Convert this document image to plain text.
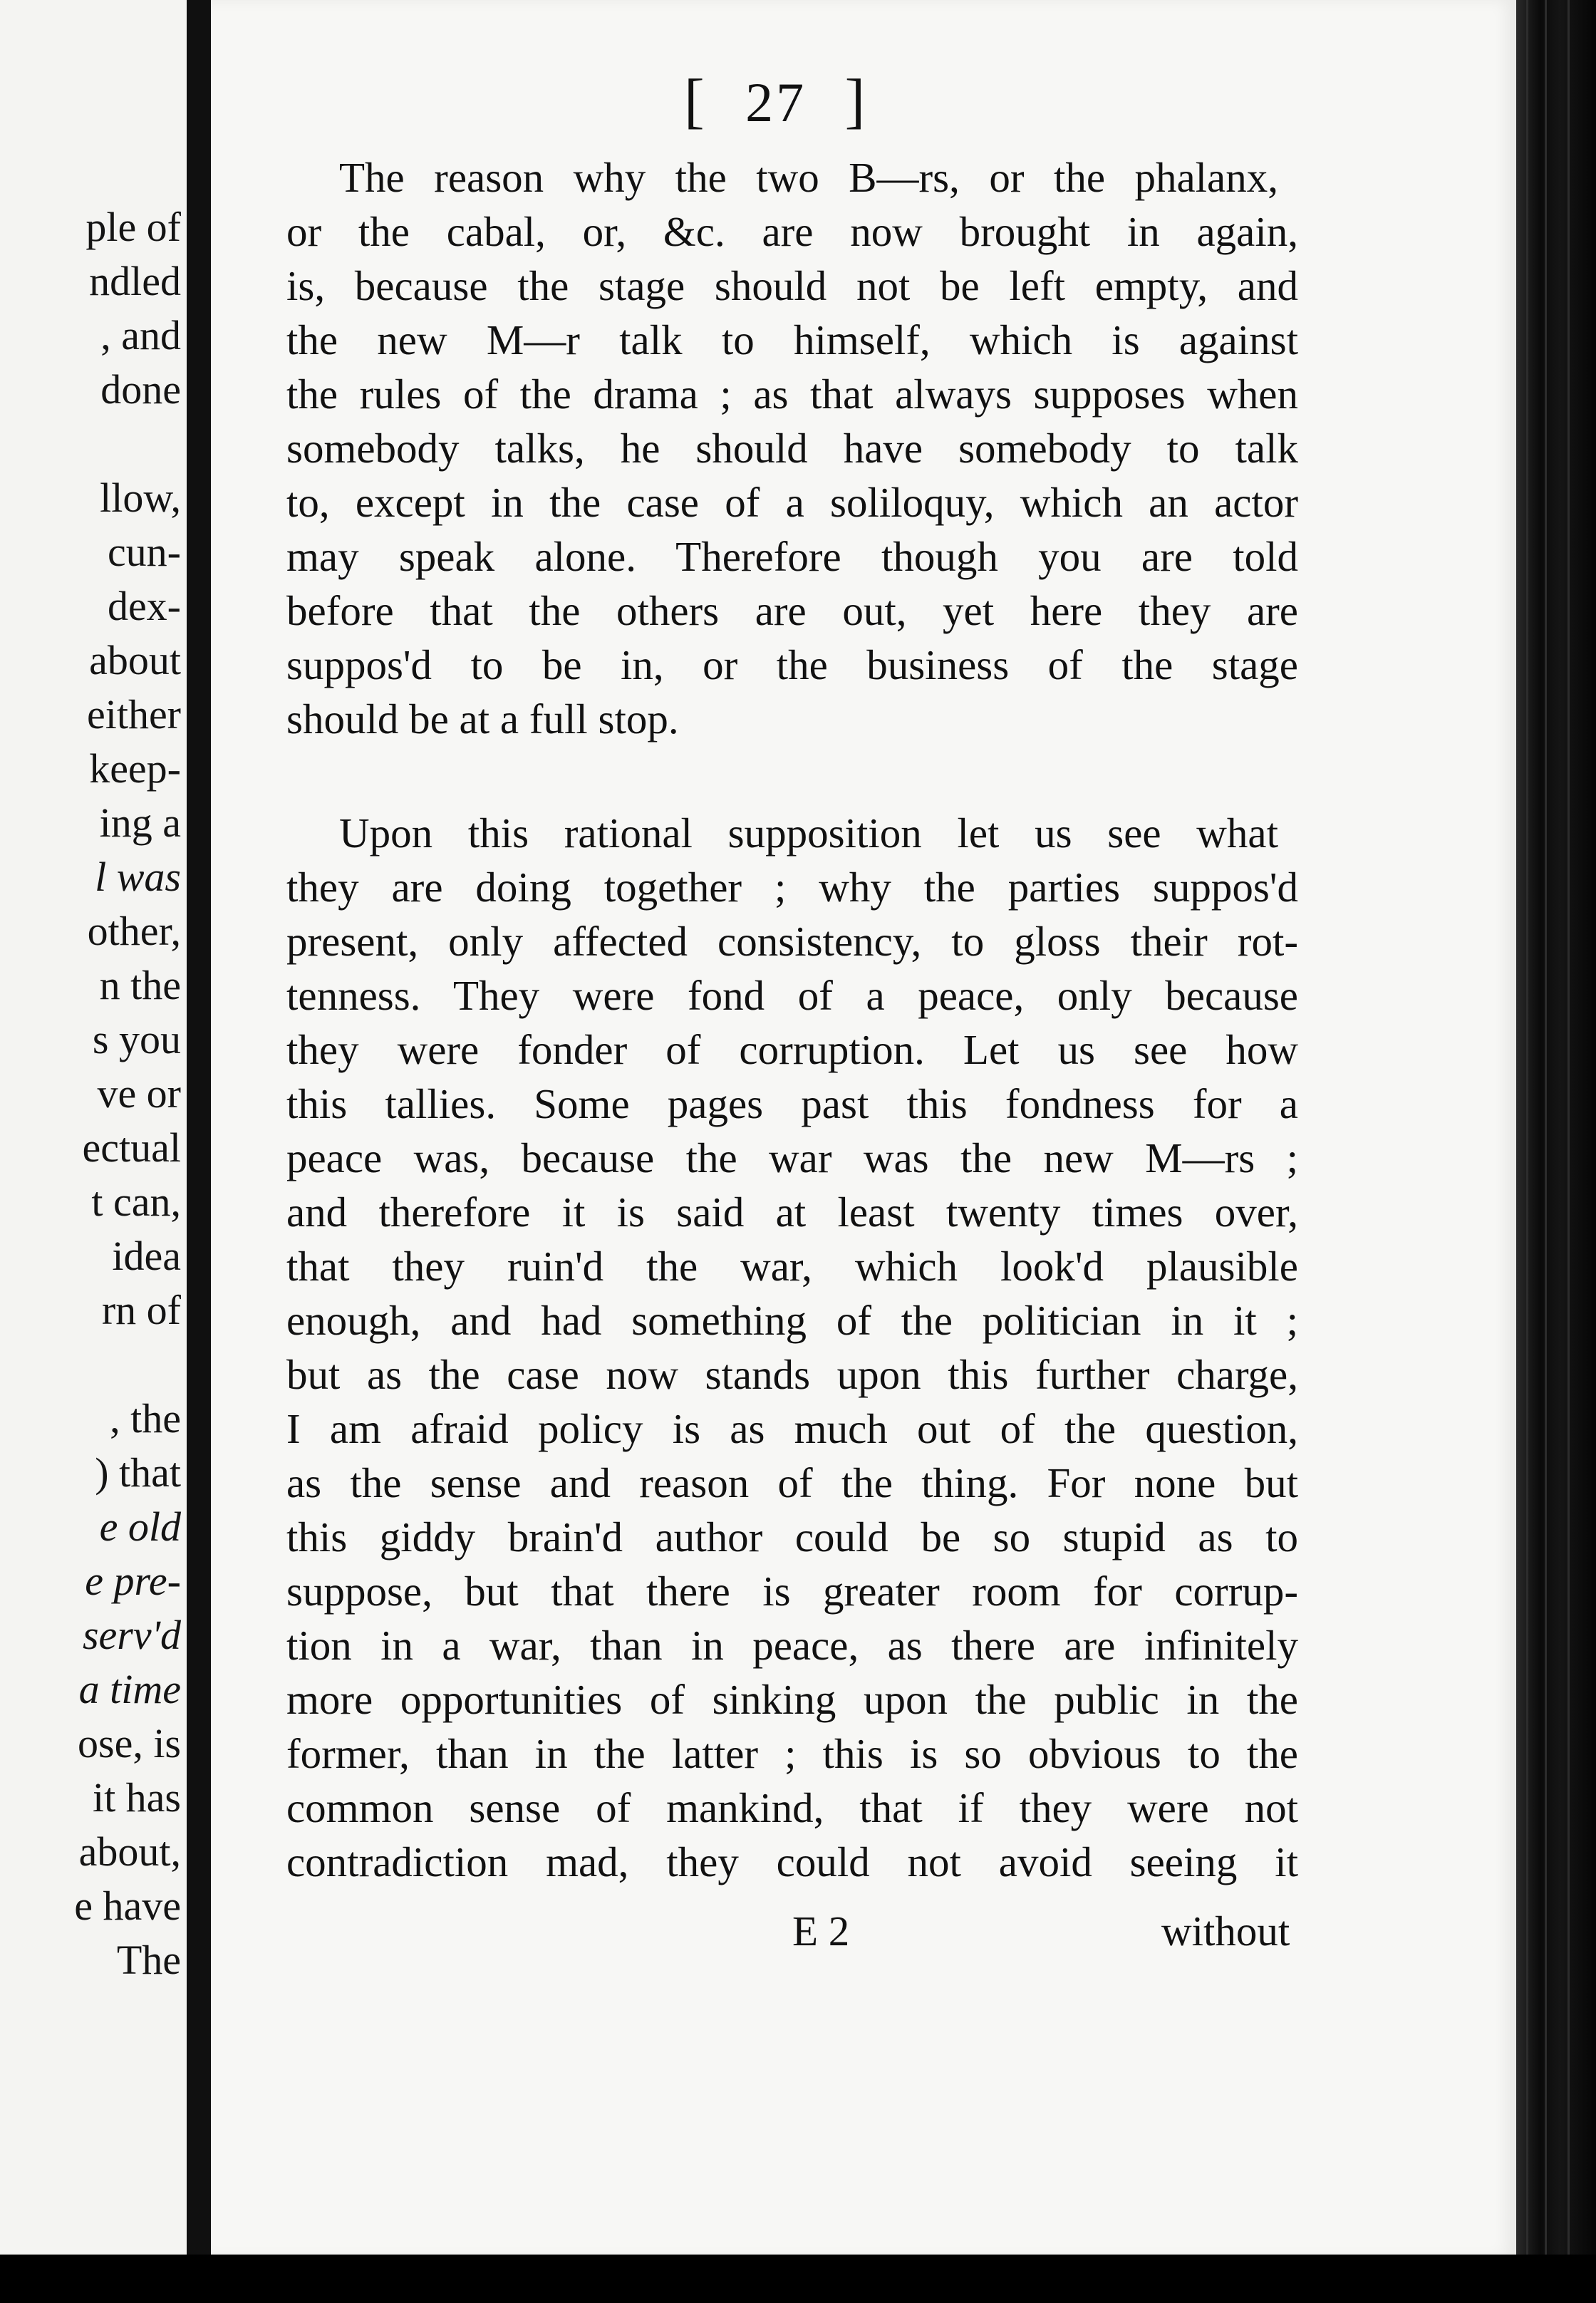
ple of
ndled
, and
done
llow,
cun-
dex-
about
either
keep-
ing a
l was
other,
n the
s you
ve or
ectual
t can,
idea
rn of
, the
) that
e old
e pre-
serv'd
a time
ose, is
it has
about,
e have
The
[ 27 ]
The reason why the two B—rs, or the phalanx,
or the cabal, or, &c. are now brought in again,
is, because the stage should not be left empty, and
the new M—r talk to himself, which is against
the rules of the drama ; as that always supposes when
somebody talks, he should have somebody to talk
to, except in the case of a soliloquy, which an actor
may speak alone. Therefore though you are told
before that the others are out, yet here they are
suppos'd to be in, or the business of the stage
should be at a full stop.
Upon this rational supposition let us see what
they are doing together ; why the parties suppos'd
present, only affected consistency, to gloss their rot-
tenness. They were fond of a peace, only because
they were fonder of corruption. Let us see how
this tallies. Some pages past this fondness for a
peace was, because the war was the new M—rs ;
and therefore it is said at least twenty times over,
that they ruin'd the war, which look'd plausible
enough, and had something of the politician in it ;
but as the case now stands upon this further charge,
I am afraid policy is as much out of the question,
as the sense and reason of the thing. For none but
this giddy brain'd author could be so stupid as to
suppose, but that there is greater room for corrup-
tion in a war, than in peace, as there are infinitely
more opportunities of sinking upon the public in the
former, than in the latter ; this is so obvious to the
common sense of mankind, that if they were not
contradiction mad, they could not avoid seeing it
E 2	without
